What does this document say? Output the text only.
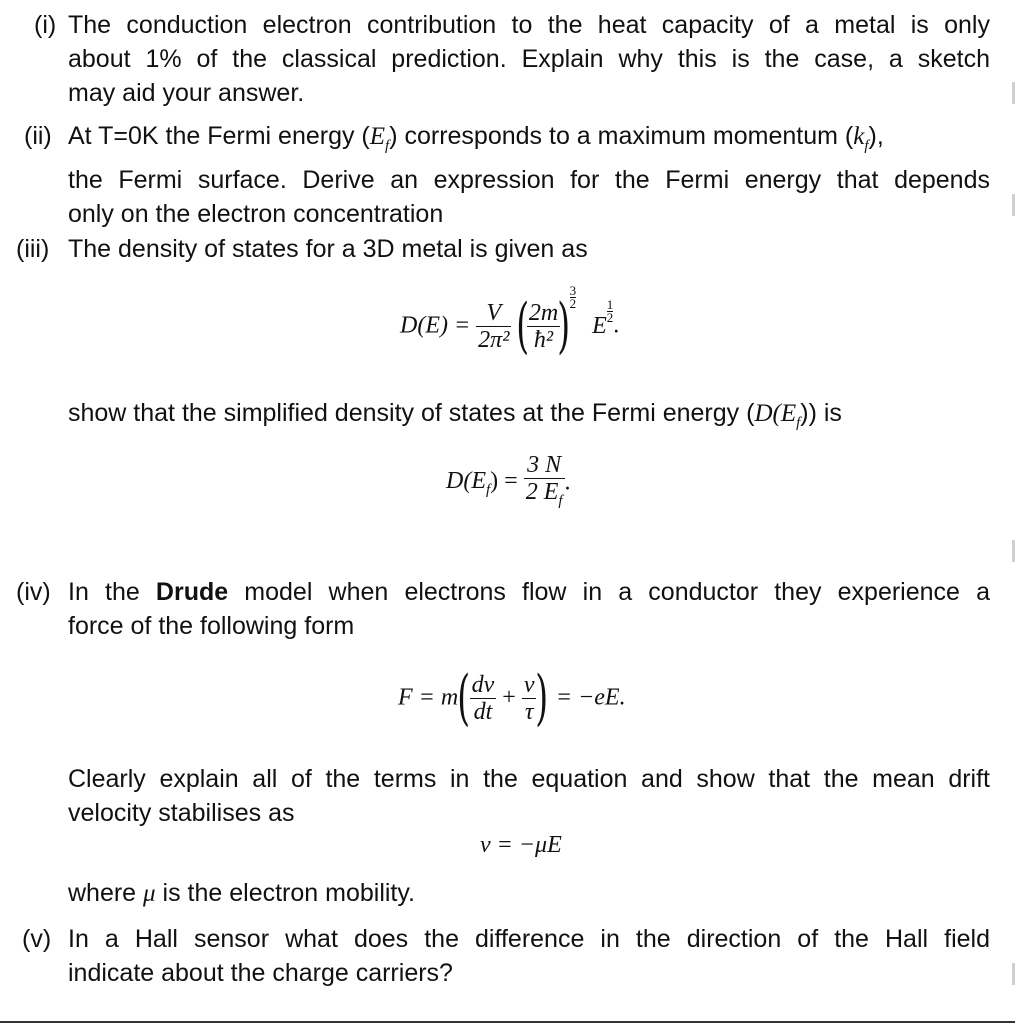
(i) The conduction electron contribution to the heat capacity of a metal is only
about 1% of the classical prediction. Explain why this is the case, a sketch
may aid your answer.
(ii) At T=0K the Fermi energy $(E_f)$ corresponds to a maximum momentum $(k_f)$,
the Fermi surface. Derive an expression for the Fermi energy that depends
only on the electron concentration
(iii) The density of states for a 3D metal is given as
$D(E) = \frac{V}{\text{2π²}}$ (
$\frac{2m}{\text{ħ²}}$
) $^{\frac{3}{2}}$
E
$^{\frac{1}{2}}$
.
show that the simplified density of states at the Fermi energy $(D(E_f))$ is
$D(E_f) = \frac{3 N}{2 E_f}$ .
(iv) In the Drude model when electrons flow in a conductor they experience a
force of the following form
$F = m( \frac{dv}{dt} + \frac{v}{\tau}$ ) = −eE.
Clearly explain all of the terms in the equation and show that the mean drift
velocity stabilises as
v = −μE
where μ is the electron mobility.
(v) In a Hall sensor what does the difference in the direction of the Hall field
indicate about the charge carriers?
